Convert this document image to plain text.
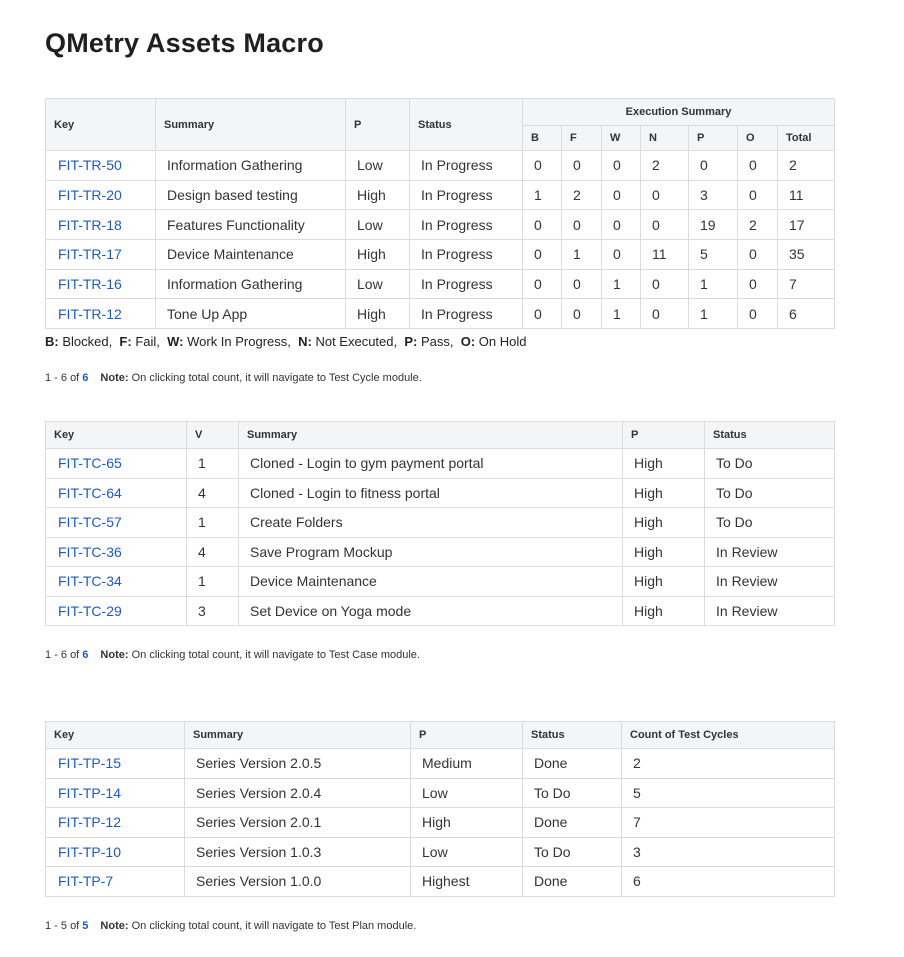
QMetry Assets Macro
Key	Summary	P	Status	Execution Summary						
				B	F	W	N	P	O	Total
FIT-TR-50	Information Gathering	Low	In Progress	0	0	0	2	0	0	2
FIT-TR-20	Design based testing	High	In Progress	1	2	0	0	3	0	11
FIT-TR-18	Features Functionality	Low	In Progress	0	0	0	0	19	2	17
FIT-TR-17	Device Maintenance	High	In Progress	0	1	0	11	5	0	35
FIT-TR-16	Information Gathering	Low	In Progress	0	0	1	0	1	0	7
FIT-TR-12	Tone Up App	High	In Progress	0	0	1	0	1	0	6
B: Blocked,  F: Fail,  W: Work In Progress,  N: Not Executed,  P: Pass,  O: On Hold
1 - 6 of 6 Note: On clicking total count, it will navigate to Test Cycle module.
Key	V	Summary	P	Status
FIT-TC-65	1	Cloned - Login to gym payment portal	High	To Do
FIT-TC-64	4	Cloned - Login to fitness portal	High	To Do
FIT-TC-57	1	Create Folders	High	To Do
FIT-TC-36	4	Save Program Mockup	High	In Review
FIT-TC-34	1	Device Maintenance	High	In Review
FIT-TC-29	3	Set Device on Yoga mode	High	In Review
1 - 6 of 6 Note: On clicking total count, it will navigate to Test Case module.
Key	Summary	P	Status	Count of Test Cycles
FIT-TP-15	Series Version 2.0.5	Medium	Done	2
FIT-TP-14	Series Version 2.0.4	Low	To Do	5
FIT-TP-12	Series Version 2.0.1	High	Done	7
FIT-TP-10	Series Version 1.0.3	Low	To Do	3
FIT-TP-7	Series Version 1.0.0	Highest	Done	6
1 - 5 of 5 Note: On clicking total count, it will navigate to Test Plan module.
